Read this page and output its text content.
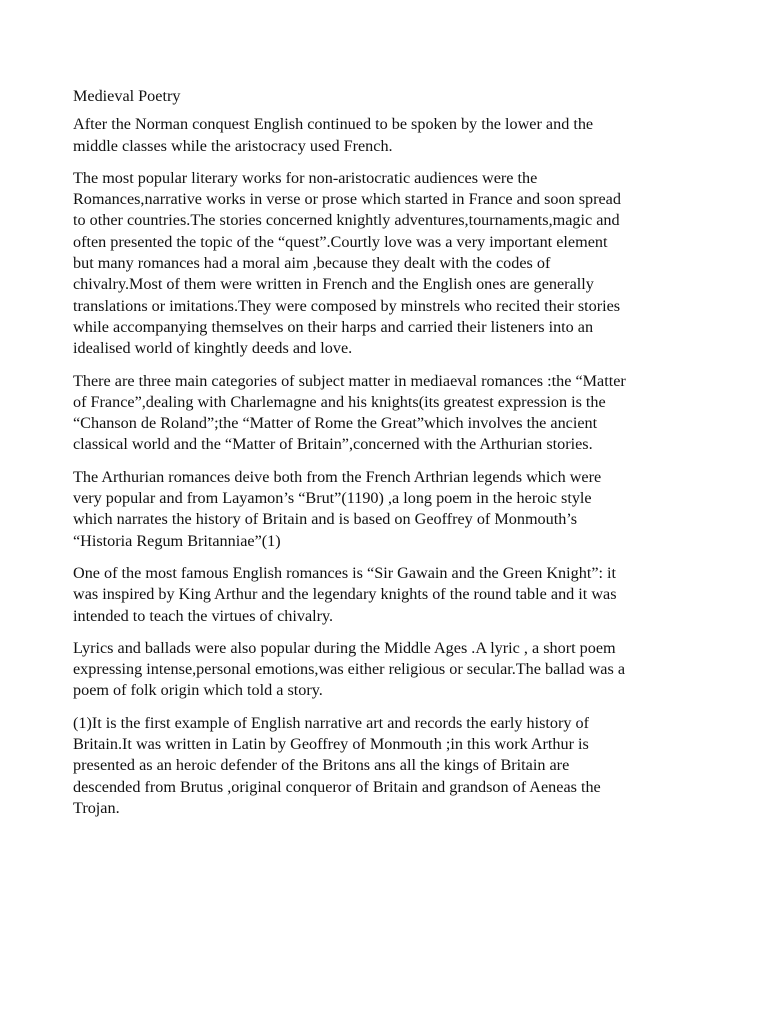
Medieval Poetry

After the Norman conquest English continued to be spoken by the lower and the
middle classes while the aristocracy used French.

The most popular literary works for non-aristocratic audiences were the
Romances,narrative works in verse or prose which started in France and soon spread
to other countries.The stories concerned knightly adventures,tournaments,magic and
often presented the topic of the “quest”.Courtly love was a very important element
but many romances had a moral aim ,because they dealt with the codes of
chivalry.Most of them were written in French and the English ones are generally
translations or imitations.They were composed by minstrels who recited their stories
while accompanying themselves on their harps and carried their listeners into an
idealised world of kinghtly deeds and love.

There are three main categories of subject matter in mediaeval romances :the “Matter
of France”,dealing with Charlemagne and his knights(its greatest expression is the
“Chanson de Roland”;the “Matter of Rome the Great”which involves the ancient
classical world and the “Matter of Britain”,concerned with the Arthurian stories.

The Arthurian romances deive both from the French Arthrian legends which were
very popular and from Layamon’s “Brut”(1190) ,a long poem in the heroic style
which narrates the history of Britain and is based on Geoffrey of Monmouth’s
“Historia Regum Britanniae”(1)

One of the most famous English romances is “Sir Gawain and the Green Knight”: it
was inspired by King Arthur and the legendary knights of the round table and it was
intended to teach the virtues of chivalry.

Lyrics and ballads were also popular during the Middle Ages .A lyric , a short poem
expressing intense,personal emotions,was either religious or secular.The ballad was a
poem of folk origin which told a story.

(1)It is the first example of English narrative art and records the early history of
Britain.It was written in Latin by Geoffrey of Monmouth ;in this work Arthur is
presented as an heroic defender of the Britons ans all the kings of Britain are
descended from Brutus ,original conqueror of Britain and grandson of Aeneas the
Trojan.
